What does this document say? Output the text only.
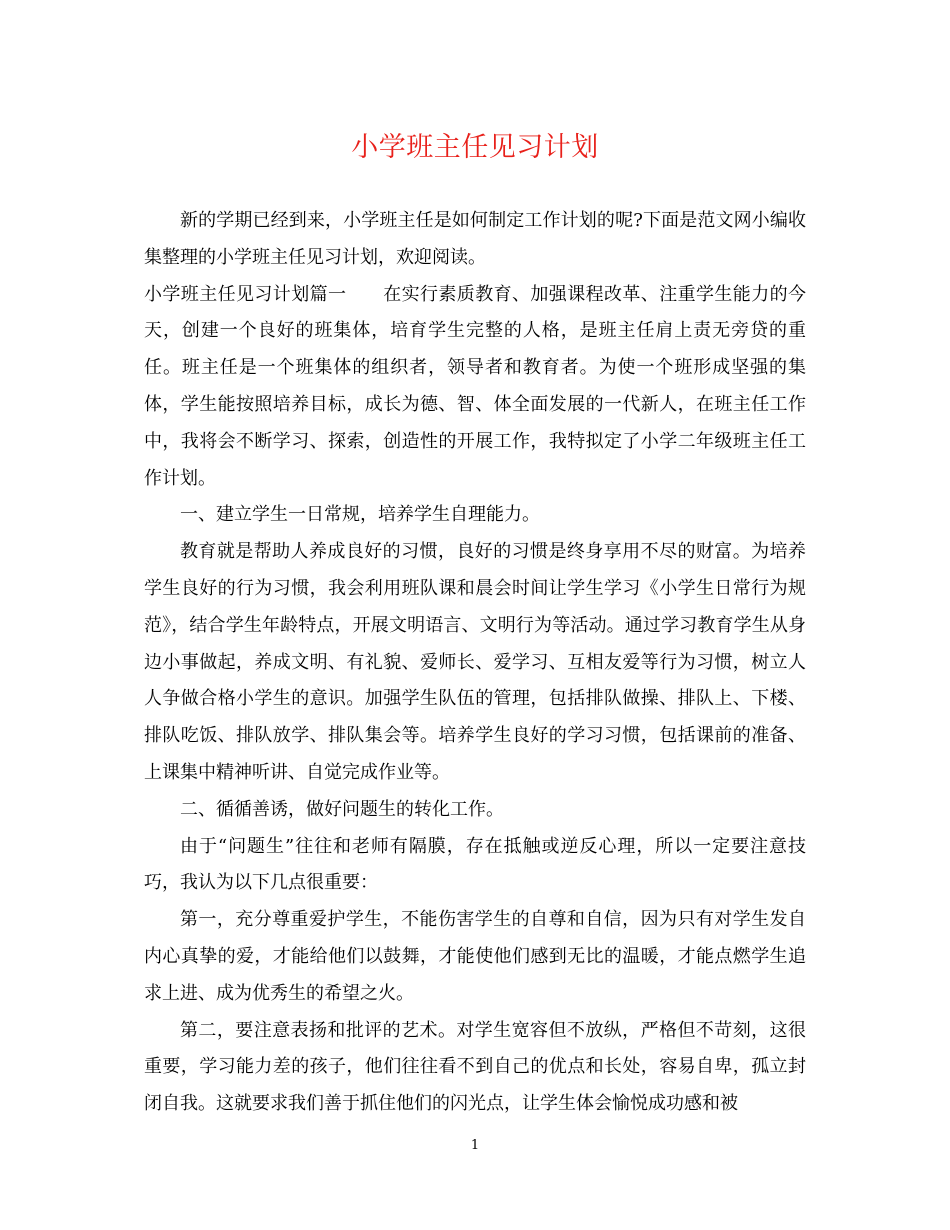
小学班主任见习计划

新的学期已经到来，小学班主任是如何制定工作计划的呢?下面是范文网小编收集整理的小学班主任见习计划，欢迎阅读。

小学班主任见习计划篇一　　在实行素质教育、加强课程改革、注重学生能力的今天，创建一个良好的班集体，培育学生完整的人格，是班主任肩上责无旁贷的重任。班主任是一个班集体的组织者，领导者和教育者。为使一个班形成坚强的集体，学生能按照培养目标，成长为德、智、体全面发展的一代新人，在班主任工作中，我将会不断学习、探索，创造性的开展工作，我特拟定了小学二年级班主任工作计划。

一、建立学生一日常规，培养学生自理能力。

教育就是帮助人养成良好的习惯，良好的习惯是终身享用不尽的财富。为培养学生良好的行为习惯，我会利用班队课和晨会时间让学生学习《小学生日常行为规范》，结合学生年龄特点，开展文明语言、文明行为等活动。通过学习教育学生从身边小事做起，养成文明、有礼貌、爱师长、爱学习、互相友爱等行为习惯，树立人人争做合格小学生的意识。加强学生队伍的管理，包括排队做操、排队上、下楼、排队吃饭、排队放学、排队集会等。培养学生良好的学习习惯，包括课前的准备、上课集中精神听讲、自觉完成作业等。

二、循循善诱，做好问题生的转化工作。

由于“问题生”往往和老师有隔膜，存在抵触或逆反心理，所以一定要注意技巧，我认为以下几点很重要：

第一，充分尊重爱护学生，不能伤害学生的自尊和自信，因为只有对学生发自内心真挚的爱，才能给他们以鼓舞，才能使他们感到无比的温暖，才能点燃学生追求上进、成为优秀生的希望之火。

第二，要注意表扬和批评的艺术。对学生宽容但不放纵，严格但不苛刻，这很重要，学习能力差的孩子，他们往往看不到自己的优点和长处，容易自卑，孤立封闭自我。这就要求我们善于抓住他们的闪光点，让学生体会愉悦成功感和被

1
